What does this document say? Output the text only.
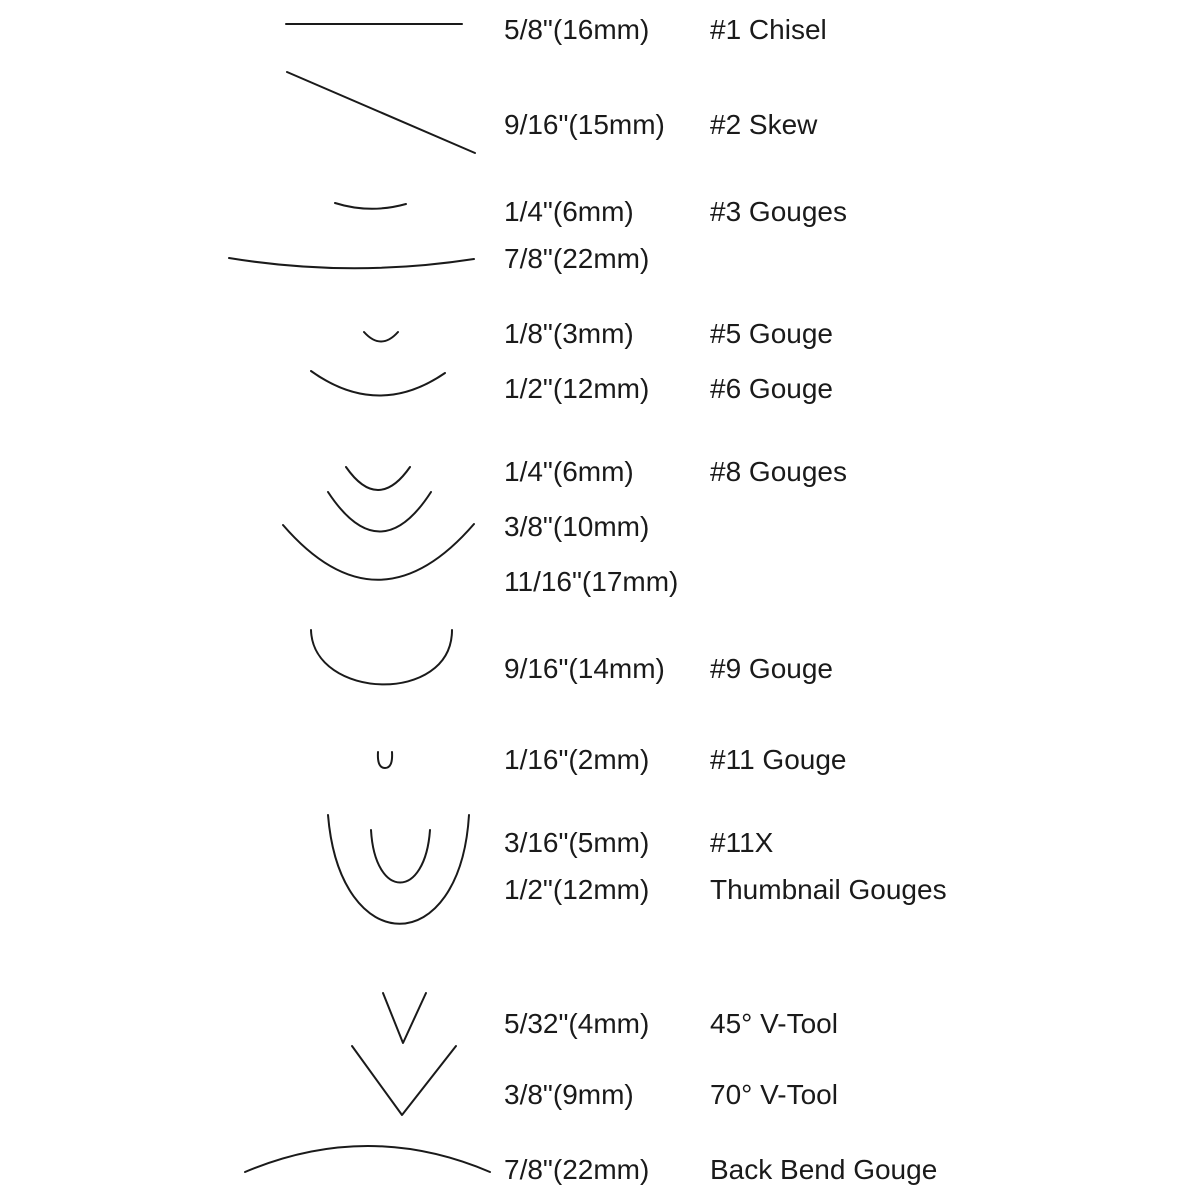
5/8"(16mm)
9/16"(15mm)
1/4"(6mm)
7/8"(22mm)
1/8"(3mm)
1/2"(12mm)
1/4"(6mm)
3/8"(10mm)
11/16"(17mm)
9/16"(14mm)
1/16"(2mm)
3/16"(5mm)
1/2"(12mm)
5/32"(4mm)
3/8"(9mm)
7/8"(22mm)
#1 Chisel
#2 Skew
#3 Gouges
#5 Gouge
#6 Gouge
#8 Gouges
#9 Gouge
#11 Gouge
#11X
Thumbnail Gouges
45° V-Tool
70° V-Tool
Back Bend Gouge
